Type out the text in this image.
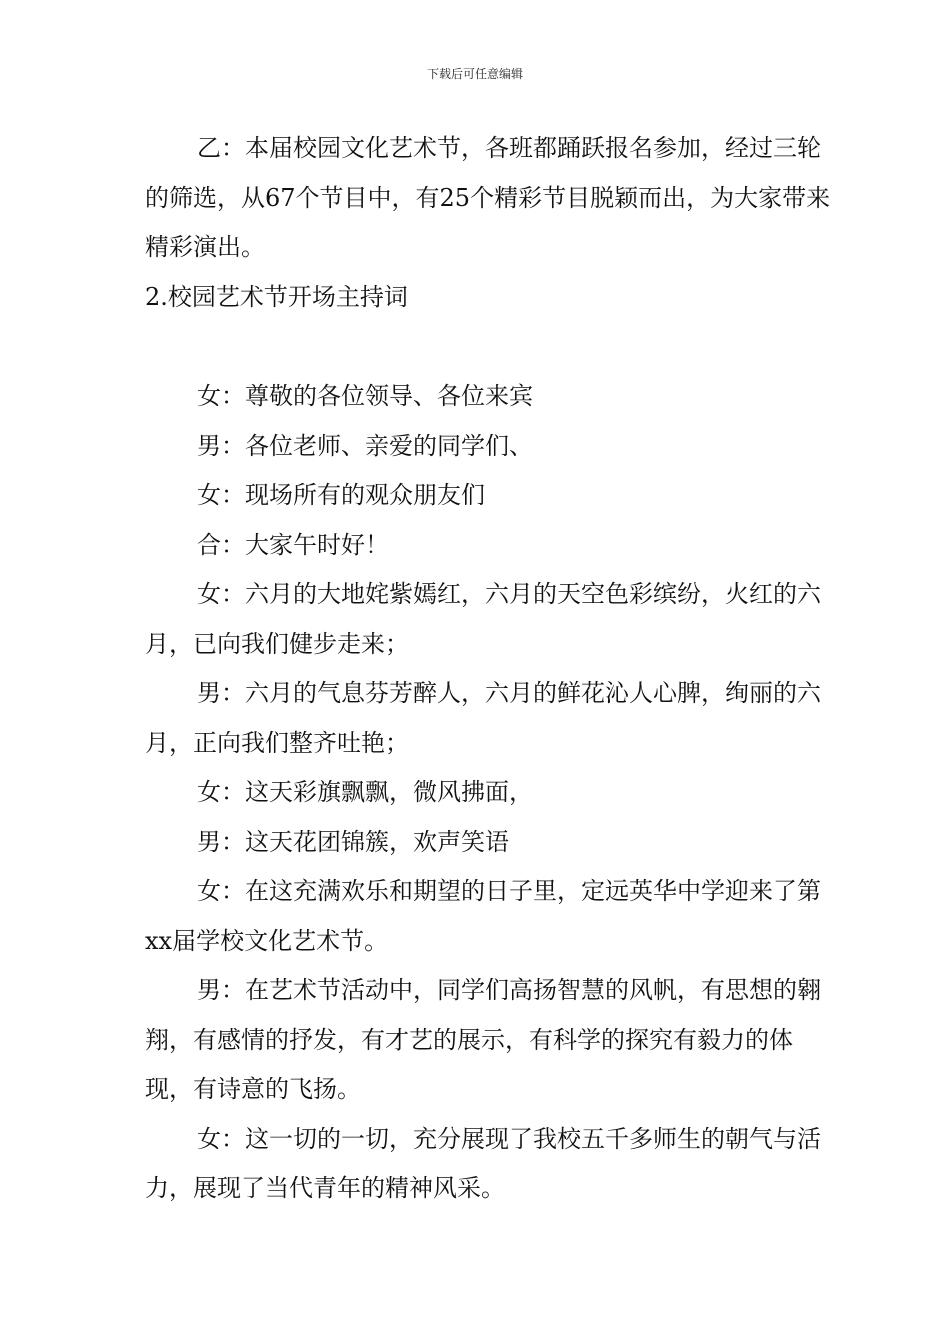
下载后可任意编辑

乙：本届校园文化艺术节，各班都踊跃报名参加，经过三轮的筛选，从67个节目中，有25个精彩节目脱颖而出，为大家带来精彩演出。

2.校园艺术节开场主持词

女：尊敬的各位领导、各位来宾

男：各位老师、亲爱的同学们、

女：现场所有的观众朋友们

合：大家午时好！

女：六月的大地姹紫嫣红，六月的天空色彩缤纷，火红的六月，已向我们健步走来；

男：六月的气息芬芳醉人，六月的鲜花沁人心脾，绚丽的六月，正向我们整齐吐艳；

女：这天彩旗飘飘，微风拂面，

男：这天花团锦簇，欢声笑语

女：在这充满欢乐和期望的日子里，定远英华中学迎来了第xx届学校文化艺术节。

男：在艺术节活动中，同学们高扬智慧的风帆，有思想的翱翔，有感情的抒发，有才艺的展示，有科学的探究有毅力的体现，有诗意的飞扬。

女：这一切的一切，充分展现了我校五千多师生的朝气与活力，展现了当代青年的精神风采。
